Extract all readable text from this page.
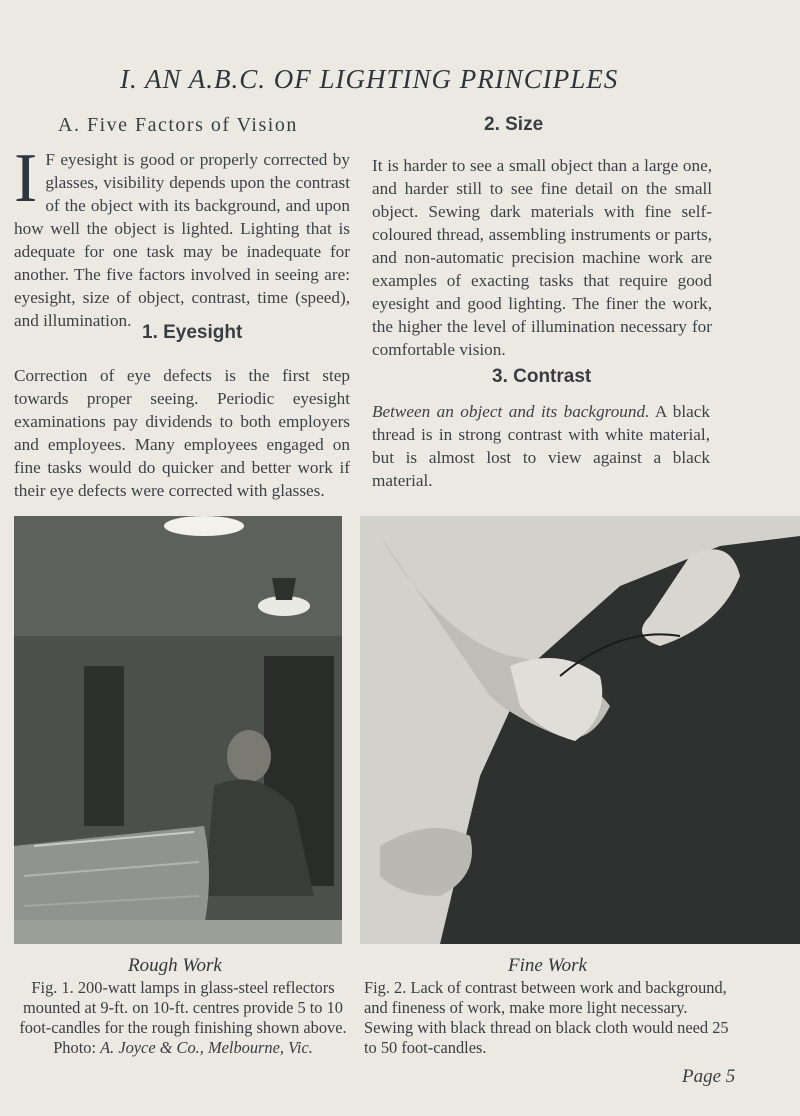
I. AN A.B.C. OF LIGHTING PRINCIPLES
A. Five Factors of Vision
I F eyesight is good or properly corrected by glasses, visibility depends upon the contrast of the object with its background, and upon how well the object is lighted. Lighting that is adequate for one task may be inadequate for another. The five factors involved in seeing are: eyesight, size of object, contrast, time (speed), and illumination.

1. Eyesight

Correction of eye defects is the first step towards proper seeing. Periodic eyesight examinations pay dividends to both employers and employees. Many employees engaged on fine tasks would do quicker and better work if their eye defects were corrected with glasses.

2. Size

It is harder to see a small object than a large one, and harder still to see fine detail on the small object. Sewing dark materials with fine self-coloured thread, assembling instruments or parts, and non-automatic precision machine work are examples of exacting tasks that require good eyesight and good lighting. The finer the work, the higher the level of illumination necessary for comfortable vision.

3. Contrast

Between an object and its background. A black thread is in strong contrast with white material, but is almost lost to view against a black material.

Rough Work	Fine Work
Fig. 1. 200-watt lamps in glass-steel reflectors mounted at 9-ft. on 10-ft. centres provide 5 to 10 foot-candles for the rough finishing shown above.
Photo: A. Joyce & Co., Melbourne, Vic.
Fig. 2. Lack of contrast between work and background, and fineness of work, make more light necessary. Sewing with black thread on black cloth would need 25 to 50 foot-candles.
Page 5
